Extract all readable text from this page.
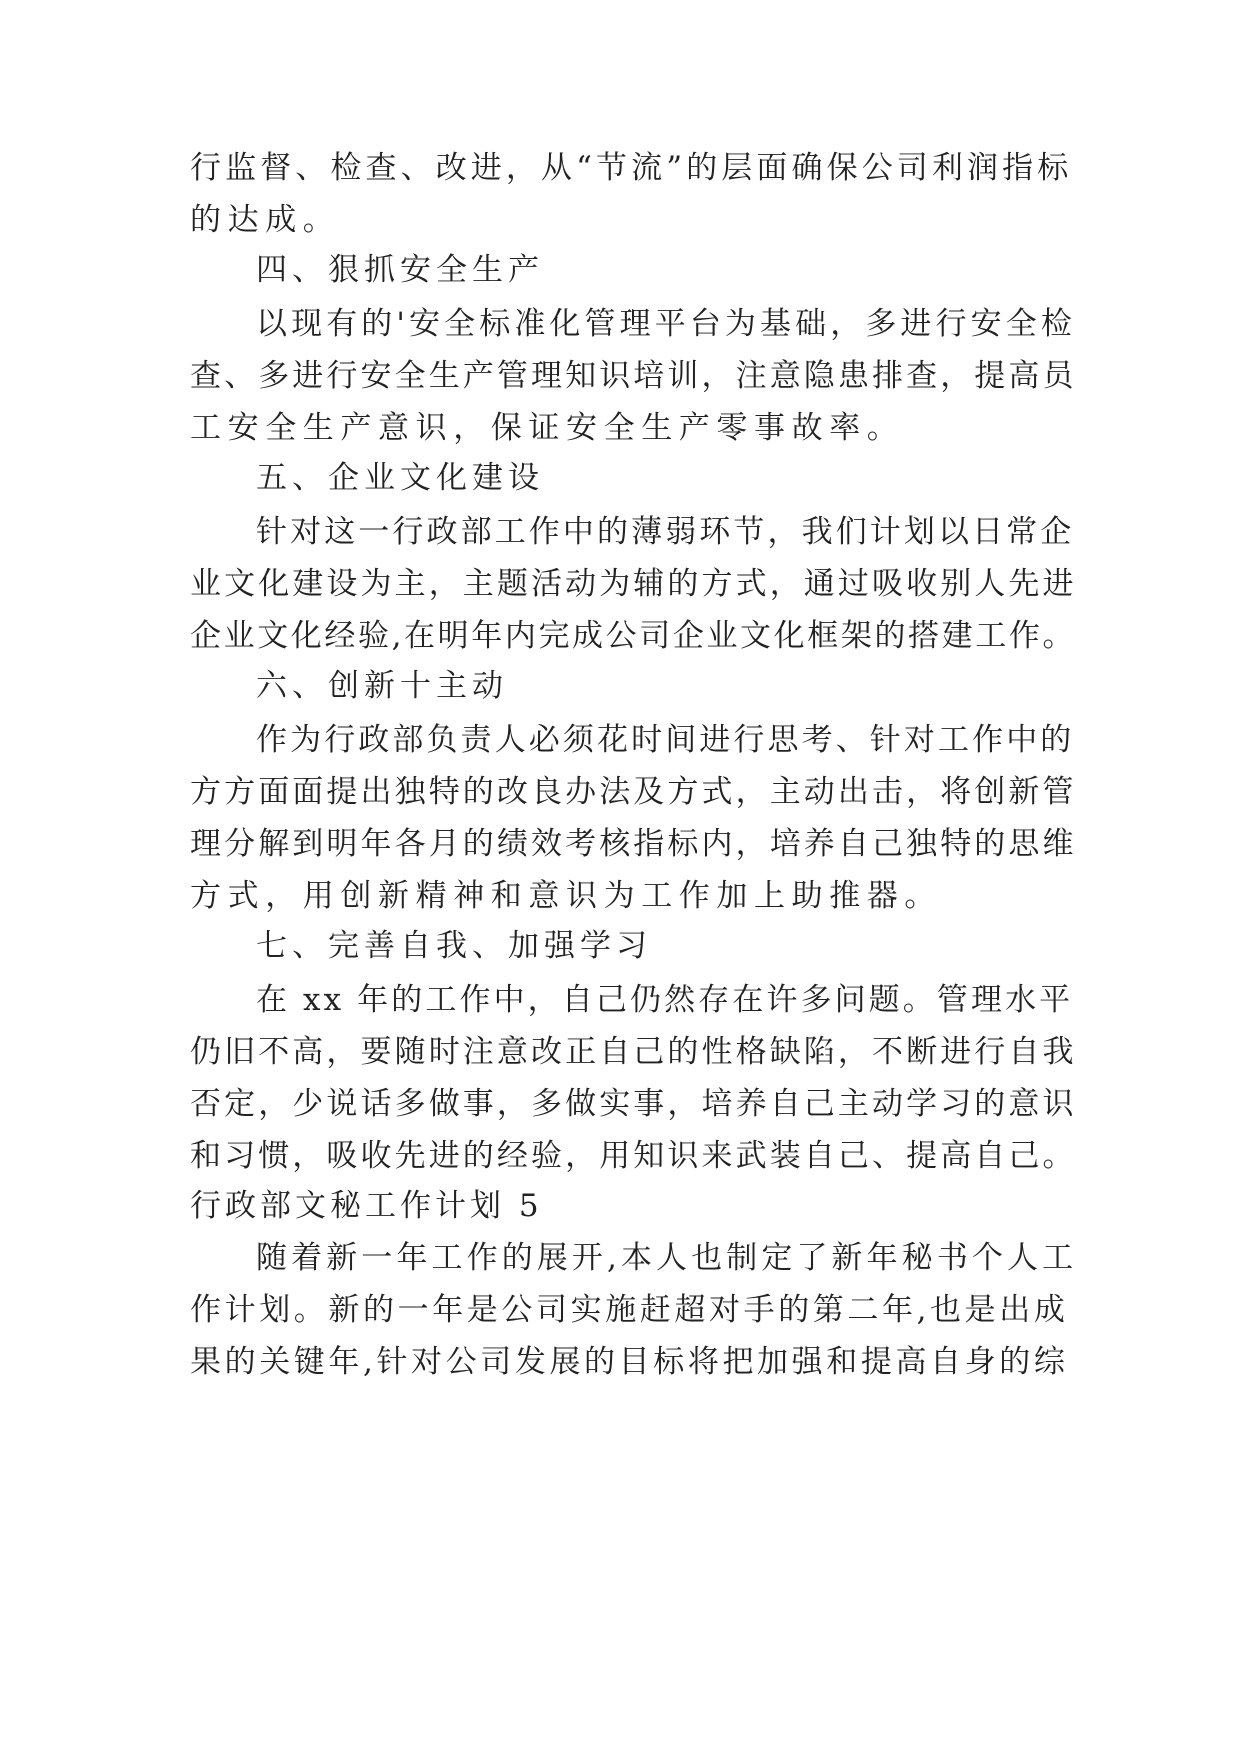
行监督、检查、改进，从“节流”的层面确保公司利润指标
的达成。
四、狠抓安全生产
以现有的'安全标准化管理平台为基础，多进行安全检
查、多进行安全生产管理知识培训，注意隐患排查，提高员
工安全生产意识，保证安全生产零事故率。
五、企业文化建设
针对这一行政部工作中的薄弱环节，我们计划以日常企
业文化建设为主，主题活动为辅的方式，通过吸收别人先进
企业文化经验,在明年内完成公司企业文化框架的搭建工作。
六、创新十主动
作为行政部负责人必须花时间进行思考、针对工作中的
方方面面提出独特的改良办法及方式，主动出击，将创新管
理分解到明年各月的绩效考核指标内，培养自己独特的思维
方式，用创新精神和意识为工作加上助推器。
七、完善自我、加强学习
在 xx 年的工作中，自己仍然存在许多问题。管理水平
仍旧不高，要随时注意改正自己的性格缺陷，不断进行自我
否定，少说话多做事，多做实事，培养自己主动学习的意识
和习惯，吸收先进的经验，用知识来武装自己、提高自己。
行政部文秘工作计划 5
随着新一年工作的展开,本人也制定了新年秘书个人工
作计划。新的一年是公司实施赶超对手的第二年,也是出成
果的关键年,针对公司发展的目标将把加强和提高自身的综
